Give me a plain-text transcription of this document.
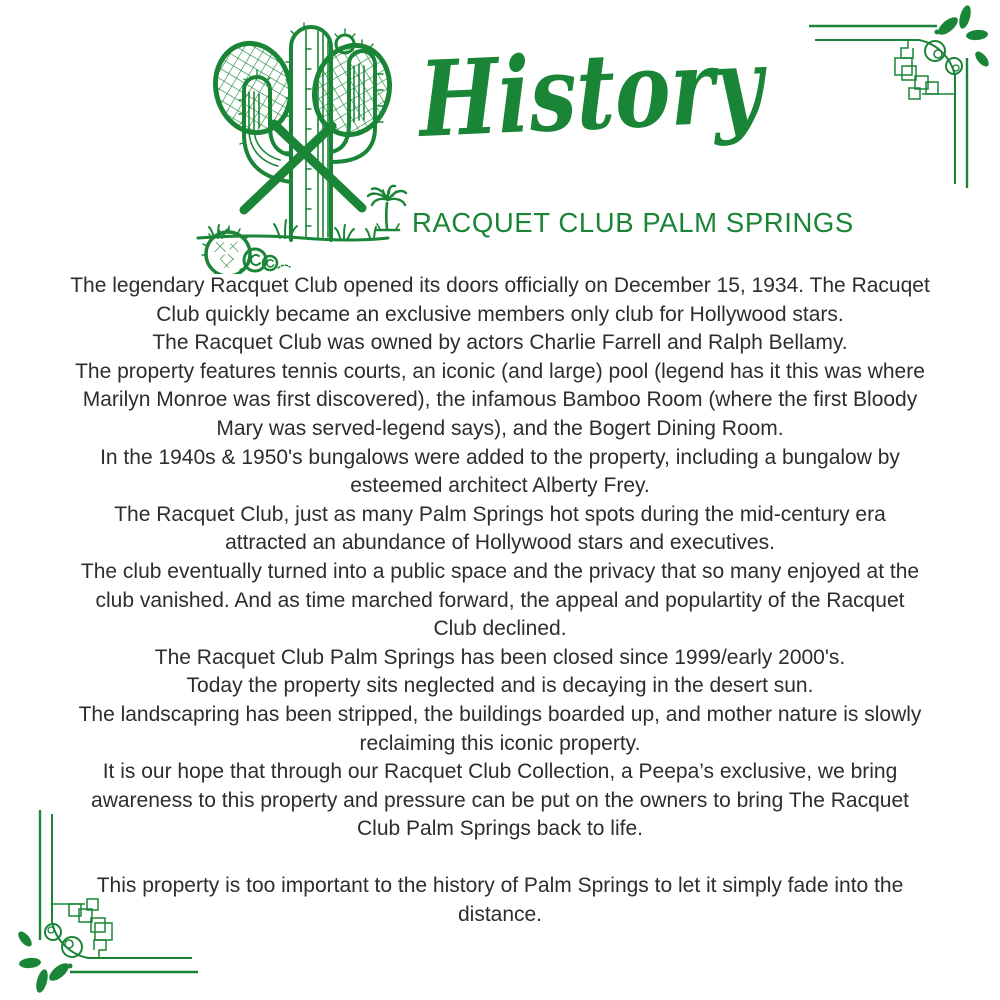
History
RACQUET CLUB PALM SPRINGS
The legendary Racquet Club opened its doors officially on December 15, 1934. The Racuqet
Club quickly became an exclusive members only club for Hollywood stars.
The Racquet Club was owned by actors Charlie Farrell and Ralph Bellamy.
The property features tennis courts, an iconic (and large) pool (legend has it this was where
Marilyn Monroe was first discovered), the infamous Bamboo Room (where the first Bloody
Mary was served-legend says), and the Bogert Dining Room.
In the 1940s & 1950's bungalows were added to the property, including a bungalow by
esteemed architect Alberty Frey.
The Racquet Club, just as many Palm Springs hot spots during the mid-century era
attracted an abundance of Hollywood stars and executives.
The club eventually turned into a public space and the privacy that so many enjoyed at the
club vanished. And as time marched forward, the appeal and populartity of the Racquet
Club declined.
The Racquet Club Palm Springs has been closed since 1999/early 2000's.
Today the property sits neglected and is decaying in the desert sun.
The landscapring has been stripped, the buildings boarded up, and mother nature is slowly
reclaiming this iconic property.
It is our hope that through our Racquet Club Collection, a Peepa’s exclusive, we bring
awareness to this property and pressure can be put on the owners to bring The Racquet
Club Palm Springs back to life.

This property is too important to the history of Palm Springs to let it simply fade into the
distance.
